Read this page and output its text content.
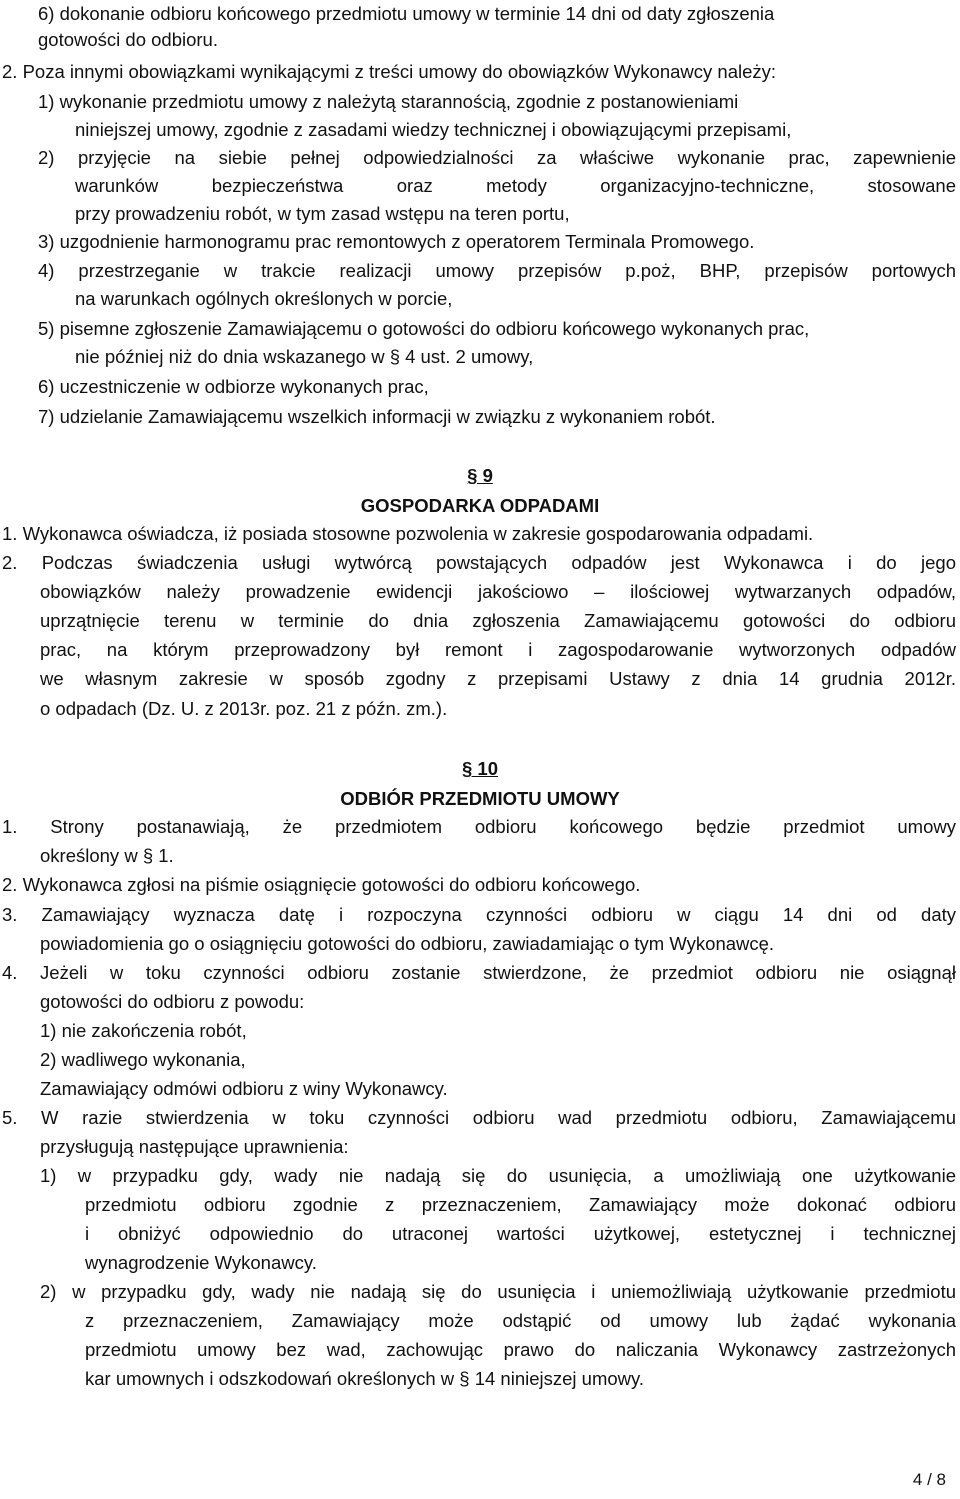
6) dokonanie odbioru końcowego przedmiotu umowy w terminie 14 dni od daty zgłoszenia
gotowości do odbioru.
2. Poza innymi obowiązkami wynikającymi z treści umowy do obowiązków Wykonawcy należy:
1) wykonanie przedmiotu umowy z należytą starannością, zgodnie z postanowieniami
niniejszej umowy, zgodnie z zasadami wiedzy technicznej i obowiązującymi przepisami,
2) przyjęcie na siebie pełnej odpowiedzialności za właściwe wykonanie prac, zapewnienie
warunków bezpieczeństwa oraz metody organizacyjno-techniczne, stosowane
przy prowadzeniu robót, w tym zasad wstępu na teren portu,
3) uzgodnienie harmonogramu prac remontowych z operatorem Terminala Promowego.
4) przestrzeganie w trakcie realizacji umowy przepisów p.poż, BHP, przepisów portowych
na warunkach ogólnych określonych w porcie,
5) pisemne zgłoszenie Zamawiającemu o gotowości do odbioru końcowego wykonanych prac,
nie później niż do dnia wskazanego w § 4 ust. 2 umowy,
6) uczestniczenie w odbiorze wykonanych prac,
7) udzielanie Zamawiającemu wszelkich informacji w związku z wykonaniem robót.
§ 9
GOSPODARKA ODPADAMI
1. Wykonawca oświadcza, iż posiada stosowne pozwolenia w zakresie gospodarowania odpadami.
2. Podczas świadczenia usługi wytwórcą powstających odpadów jest Wykonawca i do jego
obowiązków należy prowadzenie ewidencji jakościowo – ilościowej wytwarzanych odpadów,
uprzątnięcie terenu w terminie do dnia zgłoszenia Zamawiającemu gotowości do odbioru
prac, na którym przeprowadzony był remont i zagospodarowanie wytworzonych odpadów
we własnym zakresie w sposób zgodny z przepisami Ustawy z dnia 14 grudnia 2012r.
o odpadach (Dz. U. z 2013r. poz. 21 z późn. zm.).
§ 10
ODBIÓR PRZEDMIOTU UMOWY
1. Strony postanawiają, że przedmiotem odbioru końcowego będzie przedmiot umowy
określony w § 1.
2. Wykonawca zgłosi na piśmie osiągnięcie gotowości do odbioru końcowego.
3. Zamawiający wyznacza datę i rozpoczyna czynności odbioru w ciągu 14 dni od daty
powiadomienia go o osiągnięciu gotowości do odbioru, zawiadamiając o tym Wykonawcę.
4. Jeżeli w toku czynności odbioru zostanie stwierdzone, że przedmiot odbioru nie osiągnął
gotowości do odbioru z powodu:
1) nie zakończenia robót,
2) wadliwego wykonania,
Zamawiający odmówi odbioru z winy Wykonawcy.
5. W razie stwierdzenia w toku czynności odbioru wad przedmiotu odbioru, Zamawiającemu
przysługują następujące uprawnienia:
1) w przypadku gdy, wady nie nadają się do usunięcia, a umożliwiają one użytkowanie
przedmiotu odbioru zgodnie z przeznaczeniem, Zamawiający może dokonać odbioru
i obniżyć odpowiednio do utraconej wartości użytkowej, estetycznej i technicznej
wynagrodzenie Wykonawcy.
2) w przypadku gdy, wady nie nadają się do usunięcia i uniemożliwiają użytkowanie przedmiotu
z przeznaczeniem, Zamawiający może odstąpić od umowy lub żądać wykonania
przedmiotu umowy bez wad, zachowując prawo do naliczania Wykonawcy zastrzeżonych
kar umownych i odszkodowań określonych w § 14 niniejszej umowy.
4 / 8
